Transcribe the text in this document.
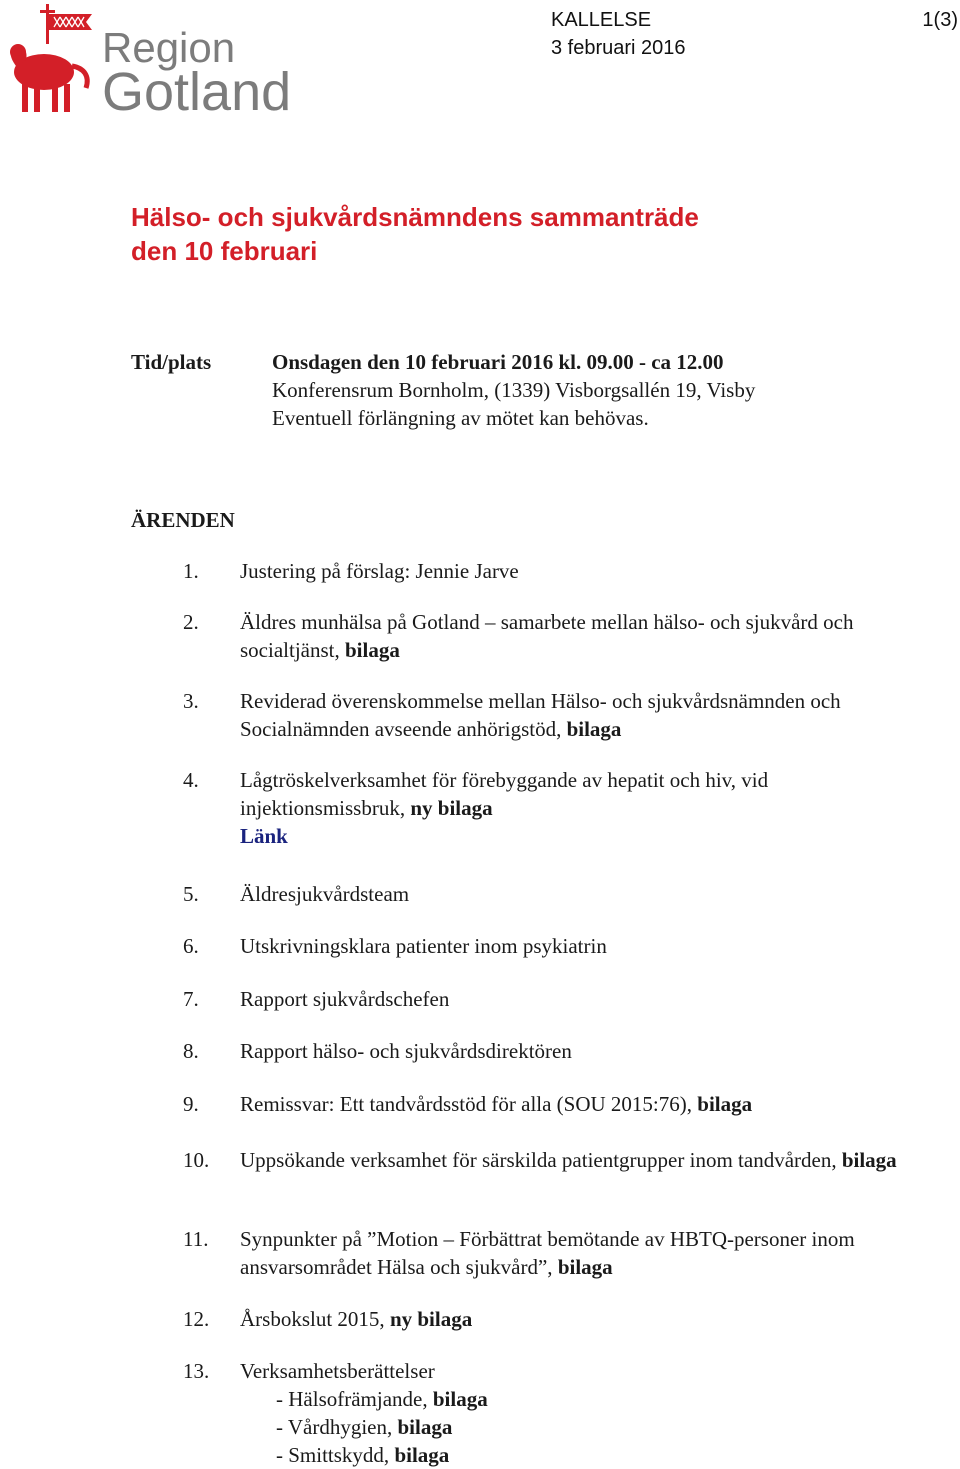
Region
Gotland
KALLELSE	1(3)
3 februari 2016
Hälso- och sjukvårdsnämndens sammanträde
den 10 februari
Tid/plats	Onsdagen den 10 februari 2016 kl. 09.00 - ca 12.00
Konferensrum Bornholm, (1339) Visborgsallén 19, Visby
Eventuell förlängning av mötet kan behövas.
ÄRENDEN
1.	Justering på förslag: Jennie Jarve
2.	Äldres munhälsa på Gotland – samarbete mellan hälso- och sjukvård och socialtjänst, bilaga
3.	Reviderad överenskommelse mellan Hälso- och sjukvårdsnämnden och Socialnämnden avseende anhörigstöd, bilaga
4.	Lågtröskelverksamhet för förebyggande av hepatit och hiv, vid injektionsmissbruk, ny bilaga
Länk
5.	Äldresjukvårdsteam
6.	Utskrivningsklara patienter inom psykiatrin
7.	Rapport sjukvårdschefen
8.	Rapport hälso- och sjukvårdsdirektören
9.	Remissvar: Ett tandvårdsstöd för alla (SOU 2015:76), bilaga
10.	Uppsökande verksamhet för särskilda patientgrupper inom tandvården, bilaga
11.	Synpunkter på ”Motion – Förbättrat bemötande av HBTQ-personer inom ansvarsområdet Hälsa och sjukvård”, bilaga
12.	Årsbokslut 2015, ny bilaga
13.	Verksamhetsberättelser
- Hälsofrämjande, bilaga
- Vårdhygien, bilaga
- Smittskydd, bilaga
